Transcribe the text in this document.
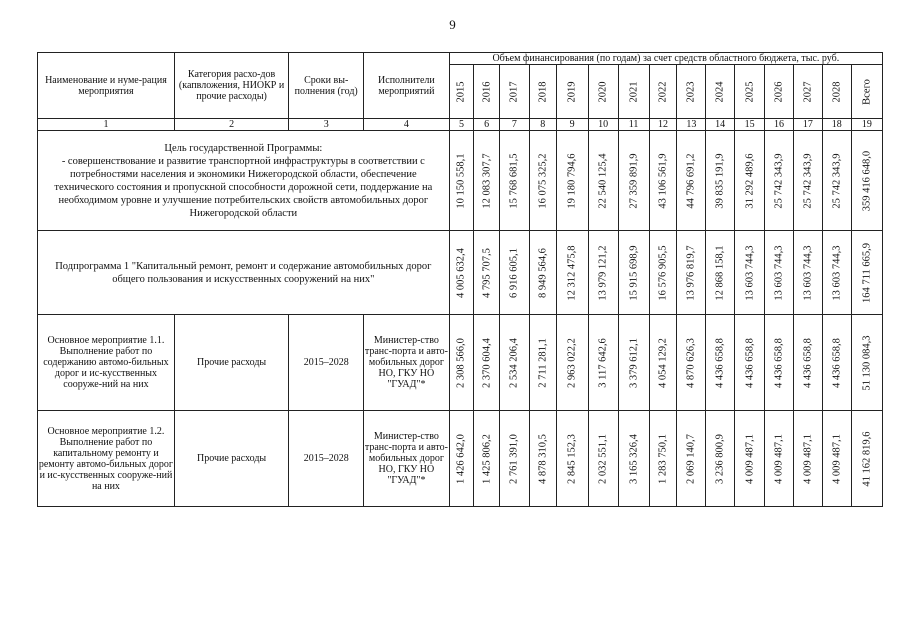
9
Наименование и нуме-рация мероприятия	Категория расхо-дов (капвложения, НИОКР и прочие расходы)	Сроки вы-полнения (год)	Исполнители мероприятий	Объем финансирования (по годам) за счет средств областного бюджета, тыс. руб.														

				2015	2016	2017	2018	2019	2020	2021	2022	2023	2024	2025	2026	2027	2028	Всего

1	2	3	4	5	6	7	8	9	10	11	12	13	14	15	16	17	18	19
Цель государственной Программы:
- совершенствование и развитие транспортной инфраструктуры в соответствии с потребностями населения и экономики Нижегородской области, обеспечение технического состояния и пропускной способности дорожной сети, поддержание на необходимом уровне и улучшение потребительских свойств автомобильных дорог Нижегородской области				10 150 558,1	12 083 307,7	15 768 681,5	16 075 325,2	19 180 794,6	22 540 125,4	27 359 891,9	43 106 561,9	44 796 691,2	39 835 191,9	31 292 489,6	25 742 343,9	25 742 343,9	25 742 343,9	359 416 648,0

Подпрограмма 1 "Капитальный ремонт, ремонт и содержание автомобильных дорог общего пользования и искусственных сооружений на них"				4 005 632,4	4 795 707,5	6 916 605,1	8 949 564,6	12 312 475,8	13 979 121,2	15 915 698,9	16 576 905,5	13 976 819,7	12 868 158,1	13 603 744,3	13 603 744,3	13 603 744,3	13 603 744,3	164 711 665,9

Основное мероприятие 1.1.
Выполнение работ по содержанию автомо-бильных дорог и ис-кусственных сооруже-ний на них	Прочие расходы	2015–2028	Министер-ство транс-порта и авто-мобильных дорог НО, ГКУ НО "ГУАД"*	2 308 566,0	2 370 604,4	2 534 206,4	2 711 281,1	2 963 022,2	3 117 642,6	3 379 612,1	4 054 129,2	4 870 626,3	4 436 658,8	4 436 658,8	4 436 658,8	4 436 658,8	4 436 658,8	51 130 084,3

Основное мероприятие 1.2.
Выполнение работ по капитальному ремонту и ремонту автомо-бильных дорог и ис-кусственных сооруже-ний на них	Прочие расходы	2015–2028	Министер-ство транс-порта и авто-мобильных дорог НО, ГКУ НО "ГУАД"*	1 426 642,0	1 425 806,2	2 761 391,0	4 878 310,5	2 845 152,3	2 032 551,1	3 165 326,4	1 283 750,1	2 069 140,7	3 236 800,9	4 009 487,1	4 009 487,1	4 009 487,1	4 009 487,1	41 162 819,6
